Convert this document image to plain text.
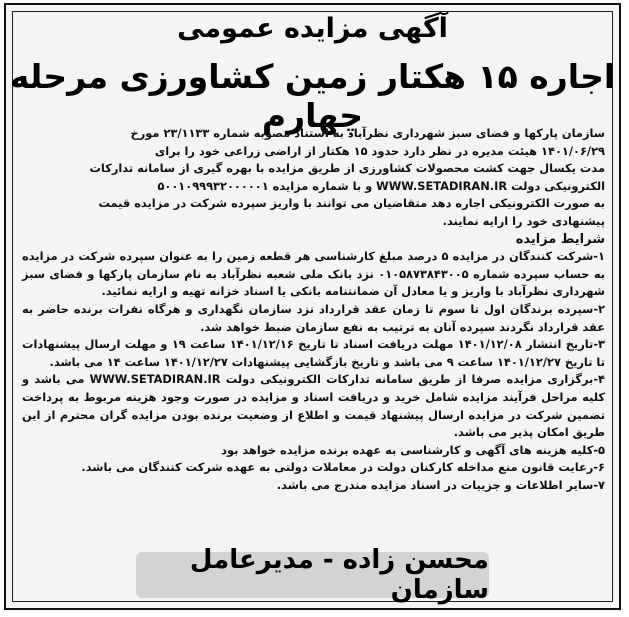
آگهی مزایده عمومی
اجاره ۱۵ هکتار زمین کشاورزی مرحله چهارم

سازمان پارکها و فضای سبز شهرداری نظرآباد به استناد مصوبه شماره ۲۳/۱۱۳۳ مورخ

۱۴۰۱/۰۶/۲۹ هیئت مدیره در نظر دارد حدود ۱۵ هکتار از اراضی زراعی خود را برای

مدت یکسال جهت کشت محصولات کشاورزی از طریق مزایده با بهره گیری از سامانه تدارکات

الکترونیکی دولت WWW.SETADIRAN.IR و با شماره مزایده ۵۰۰۱۰۹۹۹۳۲۰۰۰۰۰۱

به صورت الکترونیکی اجاره دهد متقاضیان می توانند با واریز سپرده شرکت در مزایده قیمت

پیشنهادی خود را ارایه نمایند.

شرایط مزایده

۱-شرکت کنندگان در مزایده ۵ درصد مبلغ کارشناسی هر قطعه زمین را به عنوان سپرده شرکت در مزایده به حساب سپرده شماره ۰۱۰۵۸۷۳۸۴۳۰۰۵ نزد بانک ملی شعبه نظرآباد به نام سازمان پارکها و فضای سبز شهرداری نظرآباد با واریز و یا معادل آن ضمانتنامه بانکی یا اسناد خزانه تهیه و ارایه نمائید.

۲-سپرده برندگان اول تا سوم تا زمان عقد قرارداد نزد سازمان نگهداری و هرگاه نفرات برنده حاضر به عقد قرارداد نگردند سپرده آنان به ترتیب به نفع سازمان ضبط خواهد شد.

۳-تاریخ انتشار ۱۴۰۱/۱۲/۰۸ مهلت دریافت اسناد تا تاریخ ۱۴۰۱/۱۲/۱۶ ساعت ۱۹ و مهلت ارسال پیشنهادات تا تاریخ ۱۴۰۱/۱۲/۲۷ ساعت ۹ می باشد و تاریخ بازگشایی پیشنهادات ۱۴۰۱/۱۲/۲۷ ساعت ۱۴ می باشد.

۴-برگزاری مزایده صرفا از طریق سامانه تدارکات الکترونیکی دولت WWW.SETADIRAN.IR می باشد و کلیه مراحل فرآیند مزایده شامل خرید و دریافت اسناد و مزایده در صورت وجود هزینه مربوط به پرداخت تضمین شرکت در مزایده ارسال پیشنهاد قیمت و اطلاع از وضعیت برنده بودن مزایده گران محترم از این طریق امکان پذیر می باشد.

۵-کلیه هزینه های آگهی و کارشناسی به عهده برنده مزایده خواهد بود

۶-رعایت قانون منع مداخله کارکنان دولت در معاملات دولتی به عهده شرکت کنندگان می باشد.

۷-سایر اطلاعات و جزییات در اسناد مزایده مندرج می باشد.

محسن زاده - مدیرعامل سازمان
